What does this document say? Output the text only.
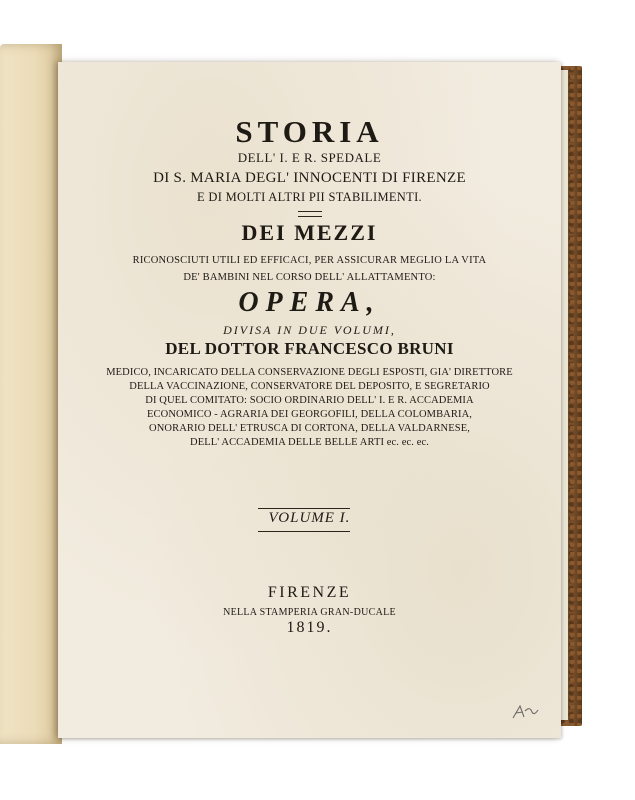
STORIA
DELL' I. E R. SPEDALE
DI S. MARIA DEGL' INNOCENTI DI FIRENZE
E DI MOLTI ALTRI PII STABILIMENTI.
DEI MEZZI
RICONOSCIUTI UTILI ED EFFICACI, PER ASSICURAR MEGLIO LA VITA
DE' BAMBINI NEL CORSO DELL' ALLATTAMENTO:
OPERA,
DIVISA IN DUE VOLUMI,
DEL DOTTOR FRANCESCO BRUNI
MEDICO, INCARICATO DELLA CONSERVAZIONE DEGLI ESPOSTI, GIA' DIRETTORE
DELLA VACCINAZIONE, CONSERVATORE DEL DEPOSITO, E SEGRETARIO
DI QUEL COMITATO: SOCIO ORDINARIO DELL' I. E R. ACCADEMIA
ECONOMICO - AGRARIA DEI GEORGOFILI, DELLA COLOMBARIA,
ONORARIO DELL' ETRUSCA DI CORTONA, DELLA VALDARNESE,
DELL' ACCADEMIA DELLE BELLE ARTI ec. ec. ec.
VOLUME I.
FIRENZE
NELLA STAMPERIA GRAN-DUCALE
1819.
